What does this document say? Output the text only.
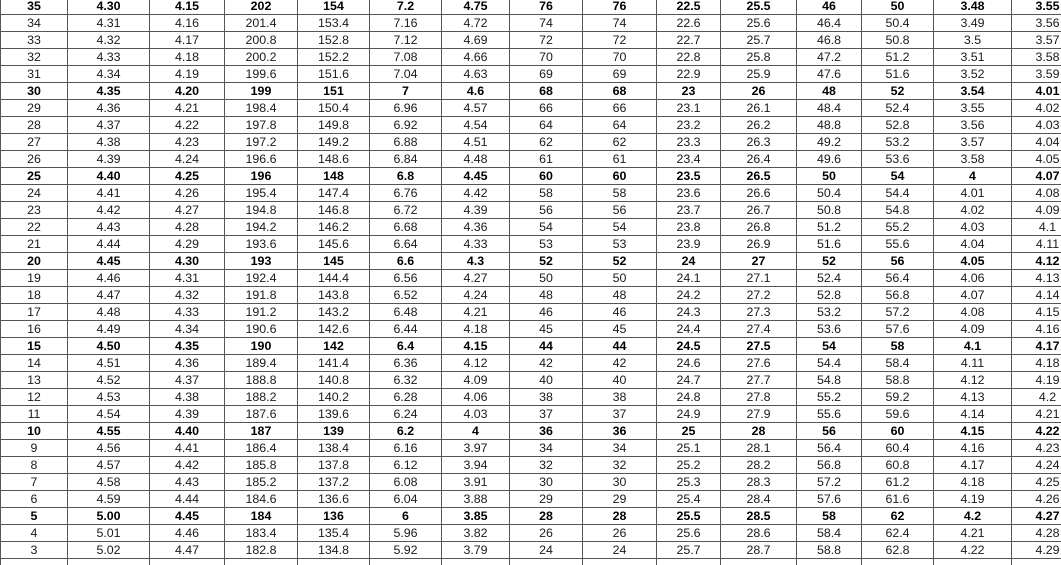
35	4.30	4.15	202	154	7.2	4.75	76	76	22.5	25.5	46	50	3.48	3.55
34	4.31	4.16	201.4	153.4	7.16	4.72	74	74	22.6	25.6	46.4	50.4	3.49	3.56
33	4.32	4.17	200.8	152.8	7.12	4.69	72	72	22.7	25.7	46.8	50.8	3.5	3.57
32	4.33	4.18	200.2	152.2	7.08	4.66	70	70	22.8	25.8	47.2	51.2	3.51	3.58
31	4.34	4.19	199.6	151.6	7.04	4.63	69	69	22.9	25.9	47.6	51.6	3.52	3.59
30	4.35	4.20	199	151	7	4.6	68	68	23	26	48	52	3.54	4.01
29	4.36	4.21	198.4	150.4	6.96	4.57	66	66	23.1	26.1	48.4	52.4	3.55	4.02
28	4.37	4.22	197.8	149.8	6.92	4.54	64	64	23.2	26.2	48.8	52.8	3.56	4.03
27	4.38	4.23	197.2	149.2	6.88	4.51	62	62	23.3	26.3	49.2	53.2	3.57	4.04
26	4.39	4.24	196.6	148.6	6.84	4.48	61	61	23.4	26.4	49.6	53.6	3.58	4.05
25	4.40	4.25	196	148	6.8	4.45	60	60	23.5	26.5	50	54	4	4.07
24	4.41	4.26	195.4	147.4	6.76	4.42	58	58	23.6	26.6	50.4	54.4	4.01	4.08
23	4.42	4.27	194.8	146.8	6.72	4.39	56	56	23.7	26.7	50.8	54.8	4.02	4.09
22	4.43	4.28	194.2	146.2	6.68	4.36	54	54	23.8	26.8	51.2	55.2	4.03	4.1
21	4.44	4.29	193.6	145.6	6.64	4.33	53	53	23.9	26.9	51.6	55.6	4.04	4.11
20	4.45	4.30	193	145	6.6	4.3	52	52	24	27	52	56	4.05	4.12
19	4.46	4.31	192.4	144.4	6.56	4.27	50	50	24.1	27.1	52.4	56.4	4.06	4.13
18	4.47	4.32	191.8	143.8	6.52	4.24	48	48	24.2	27.2	52.8	56.8	4.07	4.14
17	4.48	4.33	191.2	143.2	6.48	4.21	46	46	24.3	27.3	53.2	57.2	4.08	4.15
16	4.49	4.34	190.6	142.6	6.44	4.18	45	45	24.4	27.4	53.6	57.6	4.09	4.16
15	4.50	4.35	190	142	6.4	4.15	44	44	24.5	27.5	54	58	4.1	4.17
14	4.51	4.36	189.4	141.4	6.36	4.12	42	42	24.6	27.6	54.4	58.4	4.11	4.18
13	4.52	4.37	188.8	140.8	6.32	4.09	40	40	24.7	27.7	54.8	58.8	4.12	4.19
12	4.53	4.38	188.2	140.2	6.28	4.06	38	38	24.8	27.8	55.2	59.2	4.13	4.2
11	4.54	4.39	187.6	139.6	6.24	4.03	37	37	24.9	27.9	55.6	59.6	4.14	4.21
10	4.55	4.40	187	139	6.2	4	36	36	25	28	56	60	4.15	4.22
9	4.56	4.41	186.4	138.4	6.16	3.97	34	34	25.1	28.1	56.4	60.4	4.16	4.23
8	4.57	4.42	185.8	137.8	6.12	3.94	32	32	25.2	28.2	56.8	60.8	4.17	4.24
7	4.58	4.43	185.2	137.2	6.08	3.91	30	30	25.3	28.3	57.2	61.2	4.18	4.25
6	4.59	4.44	184.6	136.6	6.04	3.88	29	29	25.4	28.4	57.6	61.6	4.19	4.26
5	5.00	4.45	184	136	6	3.85	28	28	25.5	28.5	58	62	4.2	4.27
4	5.01	4.46	183.4	135.4	5.96	3.82	26	26	25.6	28.6	58.4	62.4	4.21	4.28
3	5.02	4.47	182.8	134.8	5.92	3.79	24	24	25.7	28.7	58.8	62.8	4.22	4.29
